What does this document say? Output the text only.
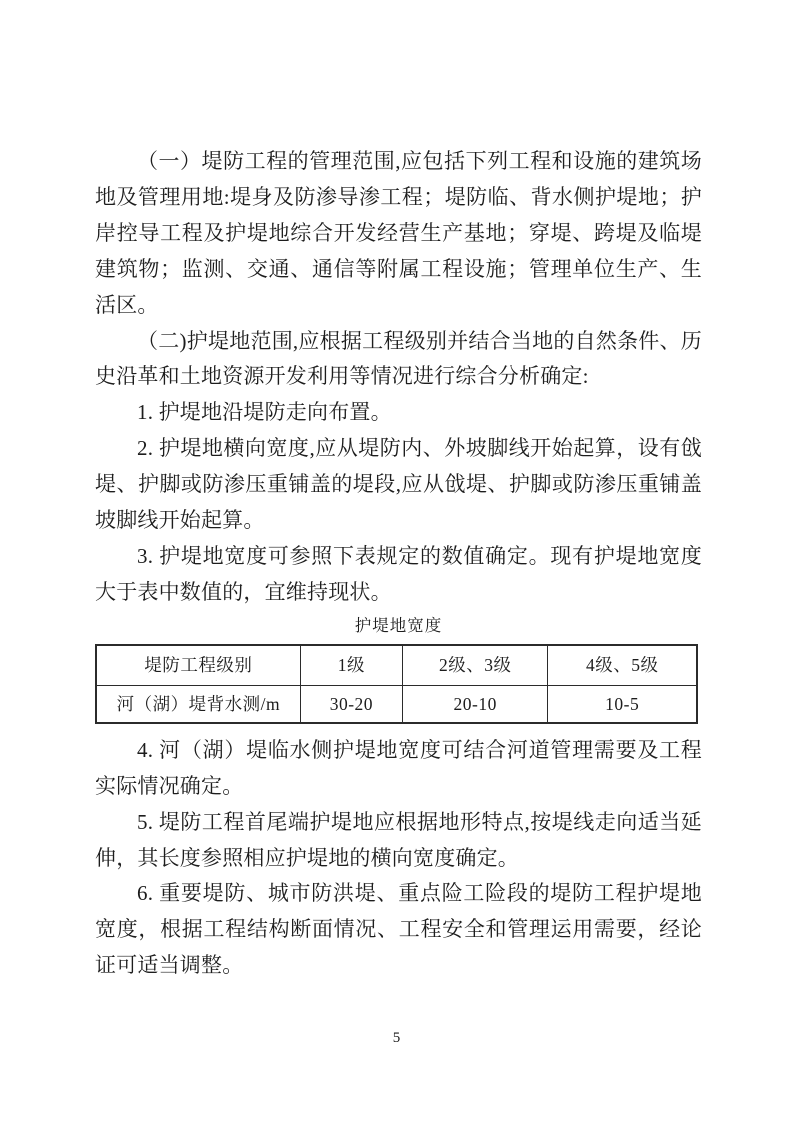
（一）堤防工程的管理范围,应包括下列工程和设施的建筑场地及管理用地:堤身及防渗导渗工程；堤防临、背水侧护堤地；护岸控导工程及护堤地综合开发经营生产基地；穿堤、跨堤及临堤建筑物；监测、交通、通信等附属工程设施；管理单位生产、生活区。

（二)护堤地范围,应根据工程级别并结合当地的自然条件、历史沿革和土地资源开发利用等情况进行综合分析确定:

1. 护堤地沿堤防走向布置。

2. 护堤地横向宽度,应从堤防内、外坡脚线开始起算，设有戗堤、护脚或防渗压重铺盖的堤段,应从戗堤、护脚或防渗压重铺盖坡脚线开始起算。

3. 护堤地宽度可参照下表规定的数值确定。现有护堤地宽度大于表中数值的，宜维持现状。

护堤地宽度
堤防工程级别	1级	2级、3级	4级、5级
河（湖）堤背水测/m	30-20	20-10	10-5

4. 河（湖）堤临水侧护堤地宽度可结合河道管理需要及工程实际情况确定。

5. 堤防工程首尾端护堤地应根据地形特点,按堤线走向适当延伸，其长度参照相应护堤地的横向宽度确定。

6. 重要堤防、城市防洪堤、重点险工险段的堤防工程护堤地宽度，根据工程结构断面情况、工程安全和管理运用需要，经论证可适当调整。

5
